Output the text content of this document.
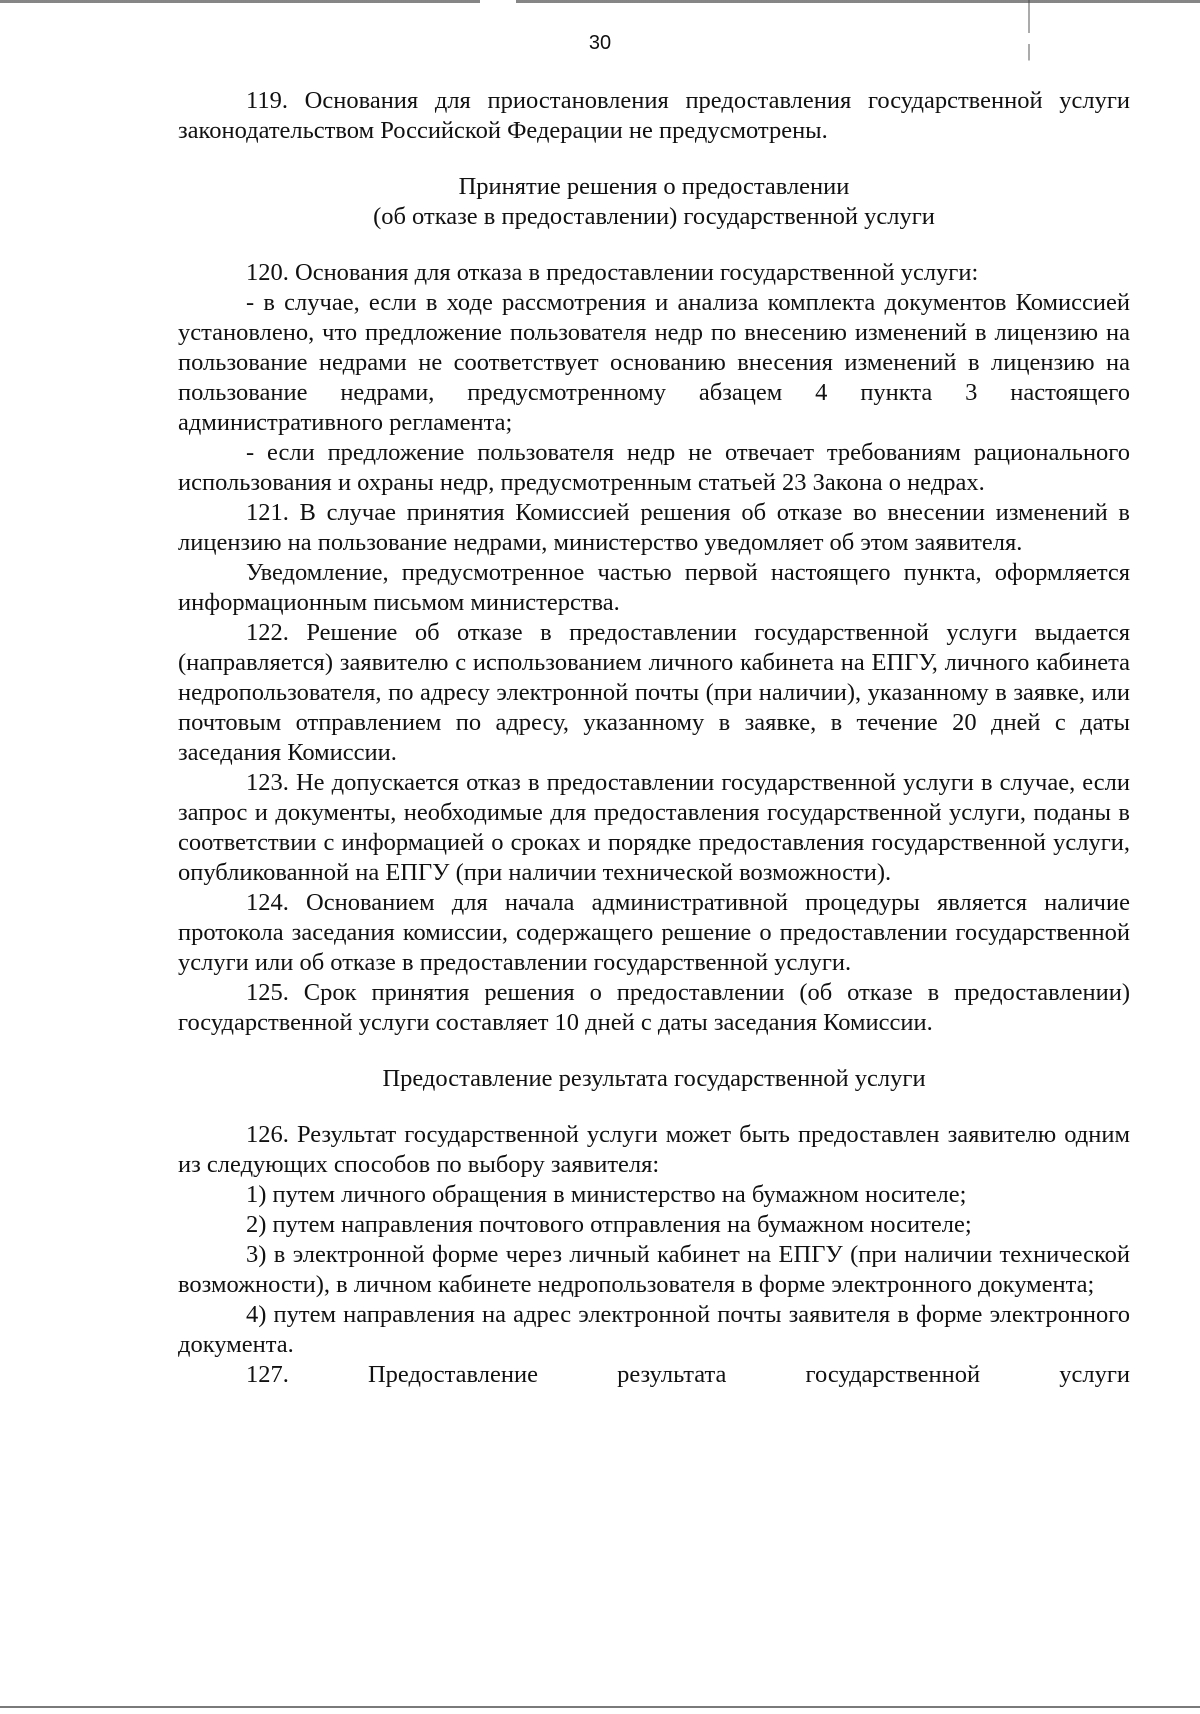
30

119. Основания для приостановления предоставления государственной услуги законодательством Российской Федерации не предусмотрены.

Принятие решения о предоставлении

(об отказе в предоставлении) государственной услуги

120. Основания для отказа в предоставлении государственной услуги:

- в случае, если в ходе рассмотрения и анализа комплекта документов Комиссией установлено, что предложение пользователя недр по внесению изменений в лицензию на пользование недрами не соответствует основанию внесения изменений в лицензию на пользование недрами, предусмотренному абзацем 4 пункта 3 настоящего административного регламента;

- если предложение пользователя недр не отвечает требованиям рационального использования и охраны недр, предусмотренным статьей 23 Закона о недрах.

121. В случае принятия Комиссией решения об отказе во внесении изменений в лицензию на пользование недрами, министерство уведомляет об этом заявителя.

Уведомление, предусмотренное частью первой настоящего пункта, оформляется информационным письмом министерства.

122. Решение об отказе в предоставлении государственной услуги выдается (направляется) заявителю с использованием личного кабинета на ЕПГУ, личного кабинета недропользователя, по адресу электронной почты (при наличии), указанному в заявке, или почтовым отправлением по адресу, указанному в заявке, в течение 20 дней с даты заседания Комиссии.

123. Не допускается отказ в предоставлении государственной услуги в случае, если запрос и документы, необходимые для предоставления государственной услуги, поданы в соответствии с информацией о сроках и порядке предоставления государственной услуги, опубликованной на ЕПГУ (при наличии технической возможности).

124. Основанием для начала административной процедуры является наличие протокола заседания комиссии, содержащего решение о предоставлении государственной услуги или об отказе в предоставлении государственной услуги.

125. Срок принятия решения о предоставлении (об отказе в предоставлении) государственной услуги составляет 10 дней с даты заседания Комиссии.

Предоставление результата государственной услуги

126. Результат государственной услуги может быть предоставлен заявителю одним из следующих способов по выбору заявителя:

1) путем личного обращения в министерство на бумажном носителе;

2) путем направления почтового отправления на бумажном носителе;

3) в электронной форме через личный кабинет на ЕПГУ (при наличии технической возможности), в личном кабинете недропользователя в форме электронного документа;

4) путем направления на адрес электронной почты заявителя в форме электронного документа.

127. Предоставление результата государственной услуги
